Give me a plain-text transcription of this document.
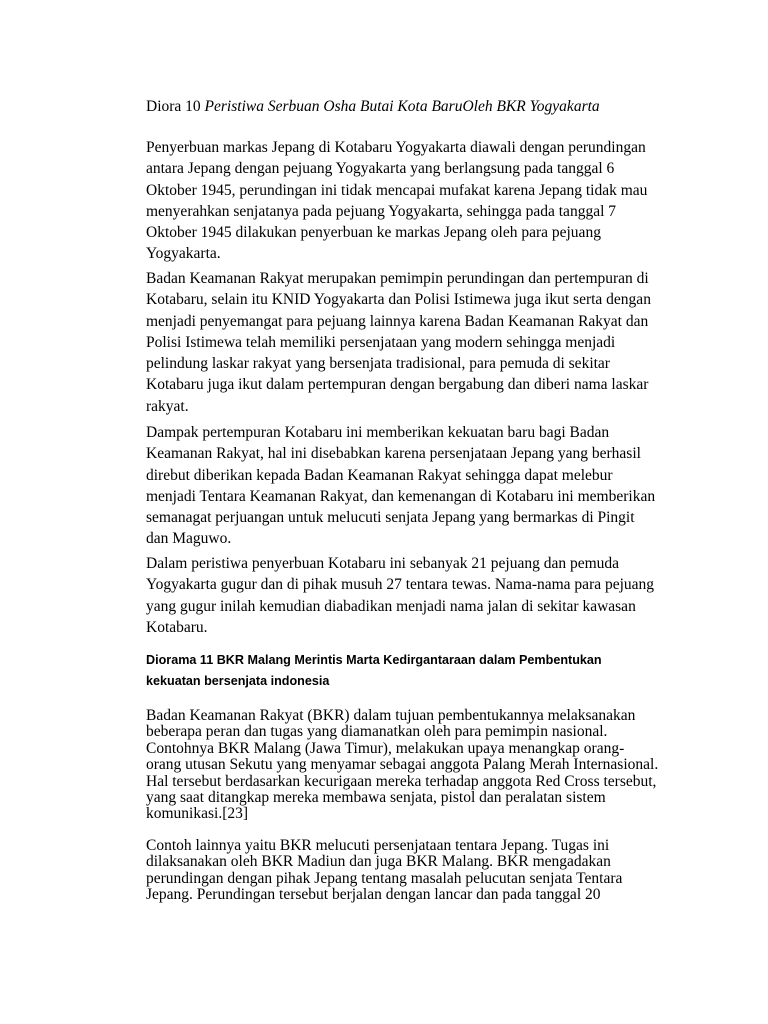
Diora 10 Peristiwa Serbuan Osha Butai Kota BaruOleh BKR Yogyakarta

Penyerbuan markas Jepang di Kotabaru Yogyakarta diawali dengan perundingan
antara Jepang dengan pejuang Yogyakarta yang berlangsung pada tanggal 6
Oktober 1945, perundingan ini tidak mencapai mufakat karena Jepang tidak mau
menyerahkan senjatanya pada pejuang Yogyakarta, sehingga pada tanggal 7
Oktober 1945 dilakukan penyerbuan ke markas Jepang oleh para pejuang
Yogyakarta.

Badan Keamanan Rakyat merupakan pemimpin perundingan dan pertempuran di
Kotabaru, selain itu KNID Yogyakarta dan Polisi Istimewa juga ikut serta dengan
menjadi penyemangat para pejuang lainnya karena Badan Keamanan Rakyat dan
Polisi Istimewa telah memiliki persenjataan yang modern sehingga menjadi
pelindung laskar rakyat yang bersenjata tradisional, para pemuda di sekitar
Kotabaru juga ikut dalam pertempuran dengan bergabung dan diberi nama laskar
rakyat.

Dampak pertempuran Kotabaru ini memberikan kekuatan baru bagi Badan
Keamanan Rakyat, hal ini disebabkan karena persenjataan Jepang yang berhasil
direbut diberikan kepada Badan Keamanan Rakyat sehingga dapat melebur
menjadi Tentara Keamanan Rakyat, dan kemenangan di Kotabaru ini memberikan
semanagat perjuangan untuk melucuti senjata Jepang yang bermarkas di Pingit
dan Maguwo.

Dalam peristiwa penyerbuan Kotabaru ini sebanyak 21 pejuang dan pemuda
Yogyakarta gugur dan di pihak musuh 27 tentara tewas. Nama-nama para pejuang
yang gugur inilah kemudian diabadikan menjadi nama jalan di sekitar kawasan
Kotabaru.

Diorama 11 BKR Malang Merintis Marta Kedirgantaraan dalam Pembentukan
kekuatan bersenjata indonesia

Badan Keamanan Rakyat (BKR) dalam tujuan pembentukannya melaksanakan
beberapa peran dan tugas yang diamanatkan oleh para pemimpin nasional.
Contohnya BKR Malang (Jawa Timur), melakukan upaya menangkap orang-
orang utusan Sekutu yang menyamar sebagai anggota Palang Merah Internasional.
Hal tersebut berdasarkan kecurigaan mereka terhadap anggota Red Cross tersebut,
yang saat ditangkap mereka membawa senjata, pistol dan peralatan sistem
komunikasi.[23]

Contoh lainnya yaitu BKR melucuti persenjataan tentara Jepang. Tugas ini
dilaksanakan oleh BKR Madiun dan juga BKR Malang. BKR mengadakan
perundingan dengan pihak Jepang tentang masalah pelucutan senjata Tentara
Jepang. Perundingan tersebut berjalan dengan lancar dan pada tanggal 20
